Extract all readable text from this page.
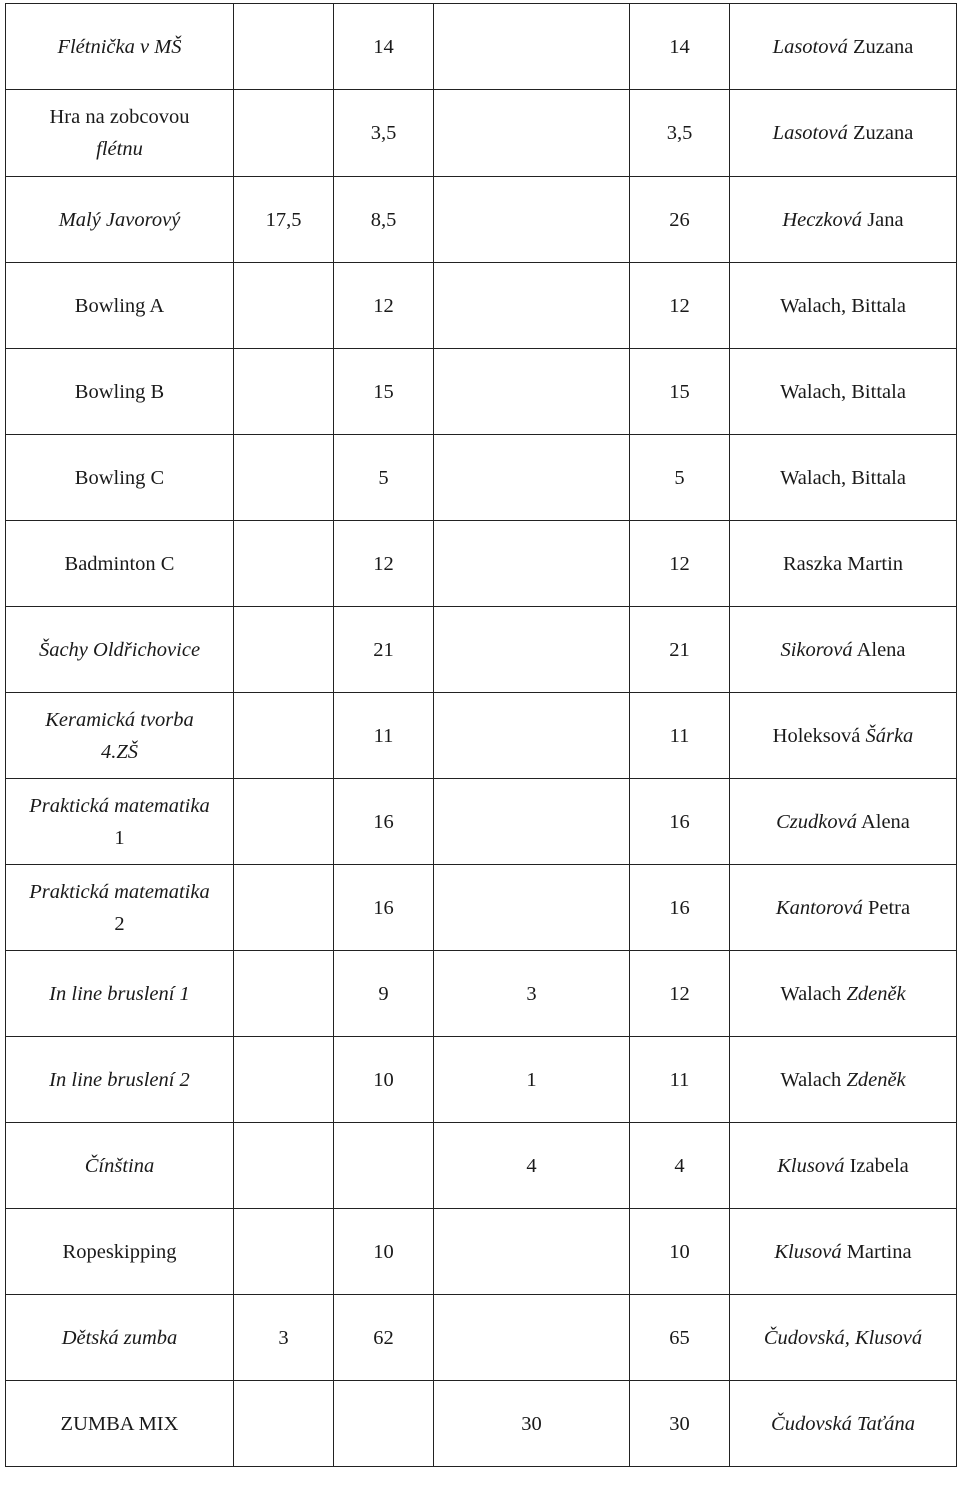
Flétnička v MŠ		14		14	Lasotová Zuzana
Hra na zobcovou
flétnu		3,5		3,5	Lasotová Zuzana
Malý Javorový	17,5	8,5		26	Heczková Jana
Bowling A		12		12	Walach, Bittala
Bowling B		15		15	Walach, Bittala
Bowling C		5		5	Walach, Bittala
Badminton C		12		12	Raszka Martin
Šachy Oldřichovice		21		21	Sikorová Alena
Keramická tvorba
4.ZŠ		11		11	Holeksová Šárka
Praktická matematika
1		16		16	Czudková Alena
Praktická matematika
2		16		16	Kantorová Petra
In line bruslení 1		9	3	12	Walach Zdeněk
In line bruslení 2		10	1	11	Walach Zdeněk
Čínština			4	4	Klusová Izabela
Ropeskipping		10		10	Klusová Martina
Dětská zumba	3	62		65	Čudovská, Klusová
ZUMBA MIX			30	30	Čudovská Taťána
